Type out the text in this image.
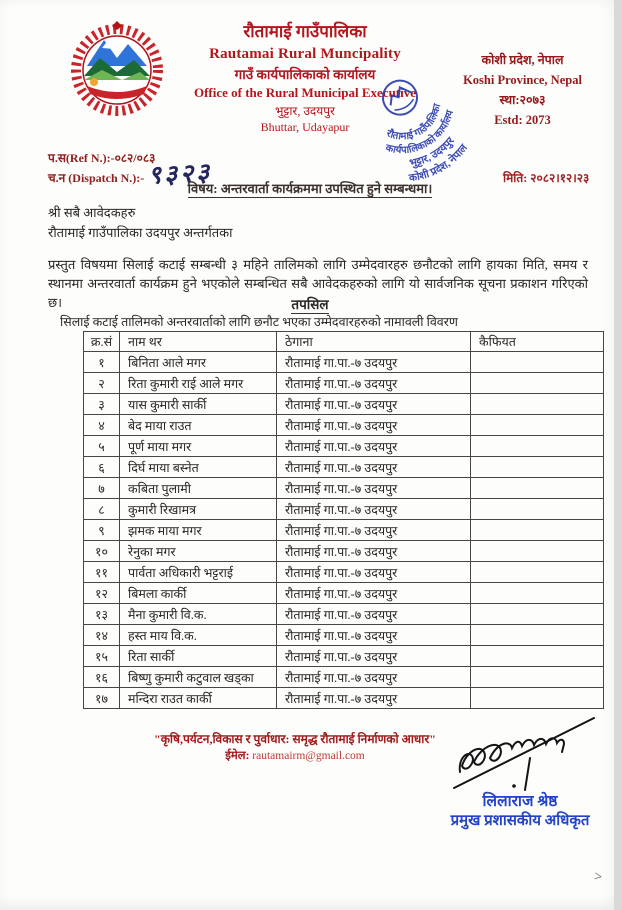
रौतामाई गाउँपालिका
Rautamai Rural Muncipality
गाउँ कार्यपालिकाको कार्यालय
Office of the Rural Municipal Executive
भुट्टार, उदयपुर
Bhuttar, Udayapur
कोशी प्रदेश, नेपाल
Koshi Province, Nepal
स्था:२०७३
Estd: 2073
रौतामाई गाउँपालिका
कार्यपालिकाको कार्यालय
भुट्टार, उदयपुर
कोशी प्रदेश, नेपाल
प.स(Ref N.):-०८२/०८३
च.न (Dispatch N.):- ९३२३	मिति: २०८२।१२।२३
विषय: अन्तरवार्ता कार्यक्रममा उपस्थित हुने सम्बन्धमा।
श्री सबै आवेदकहरु
रौतामाई गाउँपालिका उदयपुर अन्तर्गतका
प्रस्तुत विषयमा सिलाई कटाई सम्बन्धी ३ महिने तालिमको लागि उम्मेदवारहरु छनौटको लागि हायका मिति, समय र स्थानमा अन्तरवार्ता कार्यक्रम हुने भएकोले सम्बन्धित सबै आवेदकहरुको लागि यो सार्वजनिक सूचना प्रकाशन गरिएको छ।	तपसिल
सिलाई कटाई तालिमको अन्तरवार्ताको लागि छनौट भएका उम्मेदवारहरुको नामावली विवरण
क्र.सं	नाम थर	ठेगाना	कैफियत
१	बिनिता आले मगर	रौतामाई गा.पा.-७ उदयपुर	
२	रिता कुमारी राई आले मगर	रौतामाई गा.पा.-७ उदयपुर	
३	यास कुमारी सार्की	रौतामाई गा.पा.-७ उदयपुर	
४	बेद माया राउत	रौतामाई गा.पा.-७ उदयपुर	
५	पूर्ण माया मगर	रौतामाई गा.पा.-७ उदयपुर	
६	दिर्घ माया बस्नेत	रौतामाई गा.पा.-७ उदयपुर	
७	कबिता पुलामी	रौतामाई गा.पा.-७ उदयपुर	
८	कुमारी रिखामत्र	रौतामाई गा.पा.-७ उदयपुर	
९	झमक माया मगर	रौतामाई गा.पा.-७ उदयपुर	
१०	रेनुका मगर	रौतामाई गा.पा.-७ उदयपुर	
११	पार्वता अधिकारी भट्टराई	रौतामाई गा.पा.-७ उदयपुर	
१२	बिमला कार्की	रौतामाई गा.पा.-७ उदयपुर	
१३	मैना कुमारी वि.क.	रौतामाई गा.पा.-७ उदयपुर	
१४	हस्त माय वि.क.	रौतामाई गा.पा.-७ उदयपुर	
१५	रिता सार्की	रौतामाई गा.पा.-७ उदयपुर	
१६	बिष्णु कुमारी कटुवाल खड्का	रौतामाई गा.पा.-७ उदयपुर	
१७	मन्दिरा राउत कार्की	रौतामाई गा.पा.-७ उदयपुर	
"कृषि,पर्यटन,विकास र पुर्वाधार: समृद्ध रौतामाई निर्माणको आधार"
ईमेल: rautamairm@gmail.com
लिलाराज श्रेष्ठ
प्रमुख प्रशासकीय अधिकृत
>
